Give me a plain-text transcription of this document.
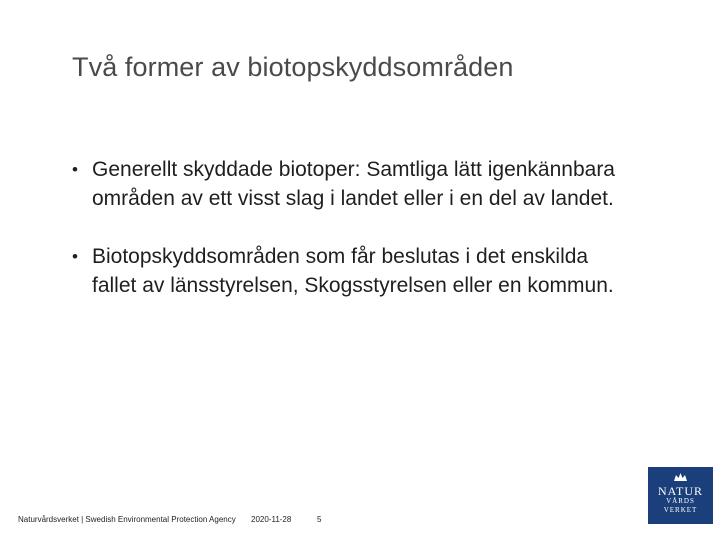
Två former av biotopskyddsområden
• Generellt skyddade biotoper: Samtliga lätt igenkännbara områden av ett visst slag i landet eller i en del av landet.
• Biotopskyddsområden som får beslutas i det enskilda fallet av länsstyrelsen, Skogsstyrelsen eller en kommun.
Naturvårdsverket | Swedish Environmental Protection Agency 2020-11-28	5
NATUR
VÅRDS
VERKET
